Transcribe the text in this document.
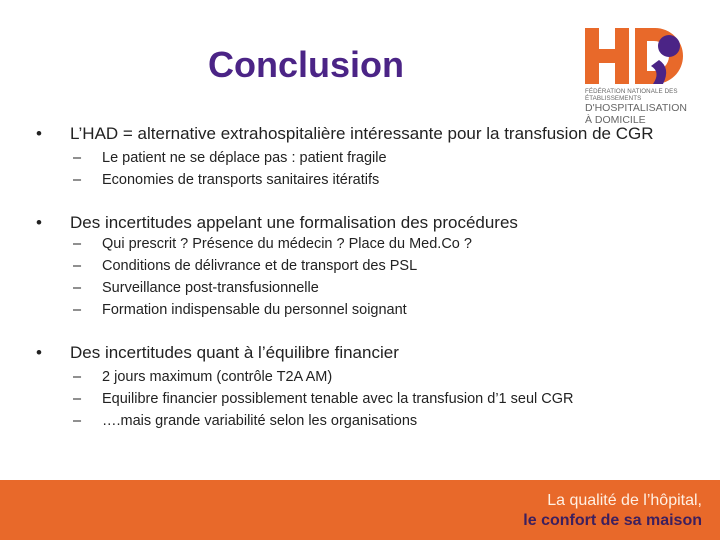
Conclusion
FÉDÉRATION NATIONALE DES ÉTABLISSEMENTS
D'HOSPITALISATION
À DOMICILE
• L’HAD = alternative extrahospitalière intéressante pour la transfusion de CGR
– Le patient ne se déplace pas : patient fragile
– Economies de transports sanitaires itératifs
• Des incertitudes appelant une formalisation des procédures
– Qui prescrit ? Présence du médecin ? Place du Med.Co ?
– Conditions de délivrance et de transport des PSL
– Surveillance post-transfusionnelle
– Formation indispensable du personnel soignant
• Des incertitudes quant à l’équilibre financier
– 2 jours maximum (contrôle T2A AM)
– Equilibre financier possiblement tenable avec la transfusion d’1 seul CGR
– ….mais grande variabilité selon les organisations
La qualité de l’hôpital,
le confort de sa maison
